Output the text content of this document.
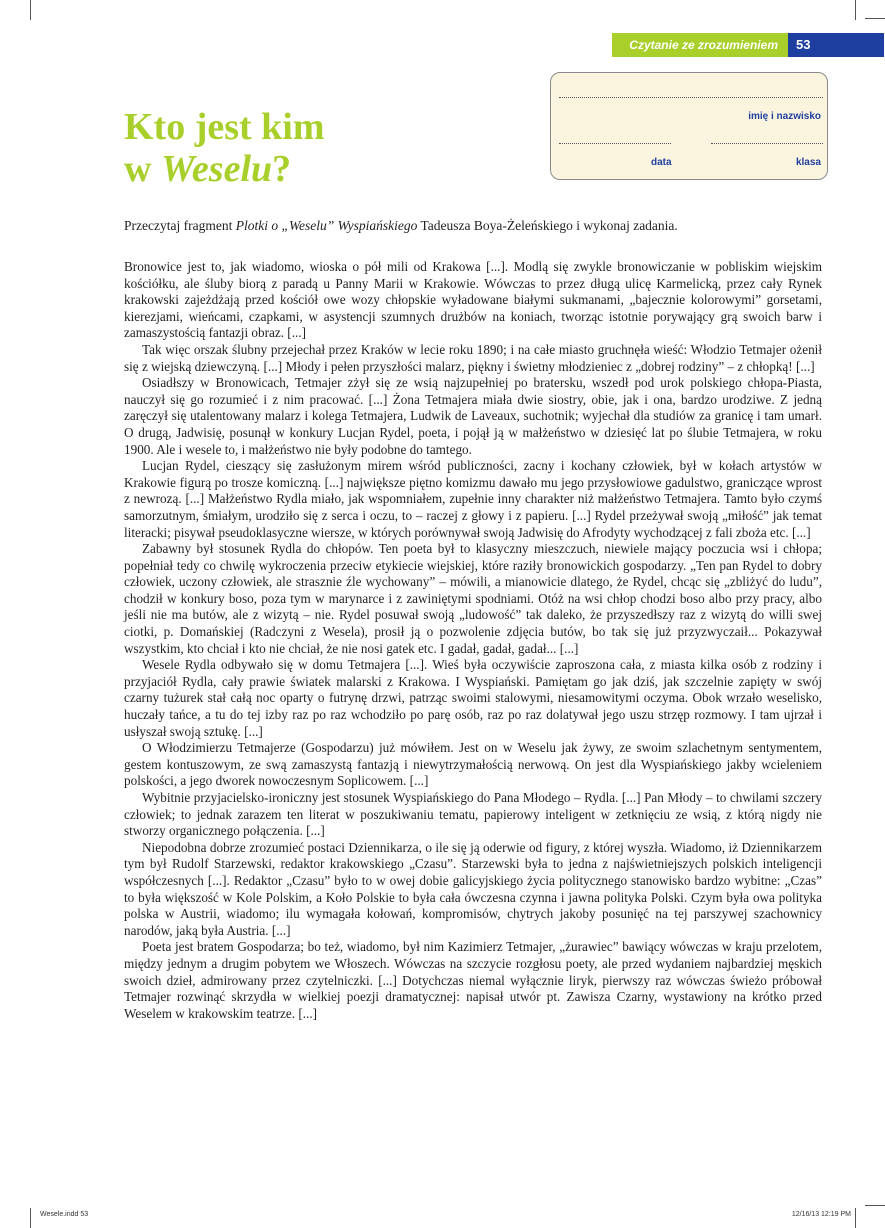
Czytanie ze zrozumieniem	53
Kto jest kim
w Weselu?
imię i nazwisko
data	klasa

Przeczytaj fragment Plotki o „Weselu” Wyspiańskiego Tadeusza Boya-Żeleńskiego i wykonaj zadania.

Bronowice jest to, jak wiadomo, wioska o pół mili od Krakowa [...]. Modlą się zwykle bronowiczanie w pobliskim wiejskim kościółku, ale śluby biorą z paradą u Panny Marii w Krakowie. Wówczas to przez długą ulicę Karmelicką, przez cały Rynek krakowski zajeżdżają przed kościół owe wozy chłopskie wyładowane białymi sukmanami, „bajecznie kolorowymi” gorsetami, kierezjami, wieńcami, czapkami, w asystencji szumnych drużbów na koniach, tworząc istotnie porywający grą swoich barw i zamaszystością fantazji obraz. [...]

Tak więc orszak ślubny przejechał przez Kraków w lecie roku 1890; i na całe miasto gruchnęła wieść: Włodzio Tetmajer ożenił się z wiejską dziewczyną. [...] Młody i pełen przyszłości malarz, piękny i świetny młodzieniec z „dobrej rodziny” – z chłopką! [...]

Osiadłszy w Bronowicach, Tetmajer zżył się ze wsią najzupełniej po bratersku, wszedł pod urok polskiego chłopa-Piasta, nauczył się go rozumieć i z nim pracować. [...] Żona Tetmajera miała dwie siostry, obie, jak i ona, bardzo urodziwe. Z jedną zaręczył się utalentowany malarz i kolega Tetmajera, Ludwik de Laveaux, suchotnik; wyjechał dla studiów za granicę i tam umarł. O drugą, Jadwisię, posunął w konkury Lucjan Rydel, poeta, i pojął ją w małżeństwo w dziesięć lat po ślubie Tetmajera, w roku 1900. Ale i wesele to, i małżeństwo nie były podobne do tamtego.

Lucjan Rydel, cieszący się zasłużonym mirem wśród publiczności, zacny i kochany człowiek, był w kołach artystów w Krakowie figurą po trosze komiczną. [...] największe piętno komizmu dawało mu jego przysłowiowe gadulstwo, graniczące wprost z newrozą. [...] Małżeństwo Rydla miało, jak wspomniałem, zupełnie inny charakter niż małżeństwo Tetmajera. Tamto było czymś samorzutnym, śmiałym, urodziło się z serca i oczu, to – raczej z głowy i z papieru. [...] Rydel przeżywał swoją „miłość” jak temat literacki; pisywał pseudoklasyczne wiersze, w których porównywał swoją Jadwisię do Afrodyty wychodzącej z fali zboża etc. [...]

Zabawny był stosunek Rydla do chłopów. Ten poeta był to klasyczny mieszczuch, niewiele mający poczucia wsi i chłopa; popełniał tedy co chwilę wykroczenia przeciw etykiecie wiejskiej, które raziły bronowickich gospodarzy. „Ten pan Rydel to dobry człowiek, uczony człowiek, ale strasznie źle wychowany” – mówili, a mianowicie dlatego, że Rydel, chcąc się „zbliżyć do ludu”, chodził w konkury boso, poza tym w marynarce i z zawiniętymi spodniami. Otóż na wsi chłop chodzi boso albo przy pracy, albo jeśli nie ma butów, ale z wizytą – nie. Rydel posuwał swoją „ludowość” tak daleko, że przyszedłszy raz z wizytą do willi swej ciotki, p. Domańskiej (Radczyni z Wesela), prosił ją o pozwolenie zdjęcia butów, bo tak się już przyzwyczaił... Pokazywał wszystkim, kto chciał i kto nie chciał, że nie nosi gatek etc. I gadał, gadał, gadał... [...]

Wesele Rydla odbywało się w domu Tetmajera [...]. Wieś była oczywiście zaproszona cała, z miasta kilka osób z rodziny i przyjaciół Rydla, cały prawie światek malarski z Krakowa. I Wyspiański. Pamiętam go jak dziś, jak szczelnie zapięty w swój czarny tużurek stał całą noc oparty o futrynę drzwi, patrząc swoimi stalowymi, niesamowitymi oczyma. Obok wrzało weselisko, huczały tańce, a tu do tej izby raz po raz wchodziło po parę osób, raz po raz dolatywał jego uszu strzęp rozmowy. I tam ujrzał i usłyszał swoją sztukę. [...]

O Włodzimierzu Tetmajerze (Gospodarzu) już mówiłem. Jest on w Weselu jak żywy, ze swoim szlachetnym sentymentem, gestem kontuszowym, ze swą zamaszystą fantazją i niewytrzymałością nerwową. On jest dla Wyspiańskiego jakby wcieleniem polskości, a jego dworek nowoczesnym Soplicowem. [...]

Wybitnie przyjacielsko-ironiczny jest stosunek Wyspiańskiego do Pana Młodego – Rydla. [...] Pan Młody – to chwilami szczery człowiek; to jednak zarazem ten literat w poszukiwaniu tematu, papierowy inteligent w zetknięciu ze wsią, z którą nigdy nie stworzy organicznego połączenia. [...]

Niepodobna dobrze zrozumieć postaci Dziennikarza, o ile się ją oderwie od figury, z której wyszła. Wiadomo, iż Dziennikarzem tym był Rudolf Starzewski, redaktor krakowskiego „Czasu”. Starzewski była to jedna z najświetniejszych polskich inteligencji współczesnych [...]. Redaktor „Czasu” było to w owej dobie galicyjskiego życia politycznego stanowisko bardzo wybitne: „Czas” to była większość w Kole Polskim, a Koło Polskie to była cała ówczesna czynna i jawna polityka Polski. Czym była owa polityka polska w Austrii, wiadomo; ilu wymagała kołowań, kompromisów, chytrych jakoby posunięć na tej parszywej szachownicy narodów, jaką była Austria. [...]

Poeta jest bratem Gospodarza; bo też, wiadomo, był nim Kazimierz Tetmajer, „żurawiec” bawiący wówczas w kraju przelotem, między jednym a drugim pobytem we Włoszech. Wówczas na szczycie rozgłosu poety, ale przed wydaniem najbardziej męskich swoich dzieł, admirowany przez czytelniczki. [...] Dotychczas niemal wyłącznie liryk, pierwszy raz wówczas świeżo próbował Tetmajer rozwinąć skrzydła w wielkiej poezji dramatycznej: napisał utwór pt. Zawisza Czarny, wystawiony na krótko przed Weselem w krakowskim teatrze. [...]

Wesele.indd 53	12/16/13 12:19 PM
